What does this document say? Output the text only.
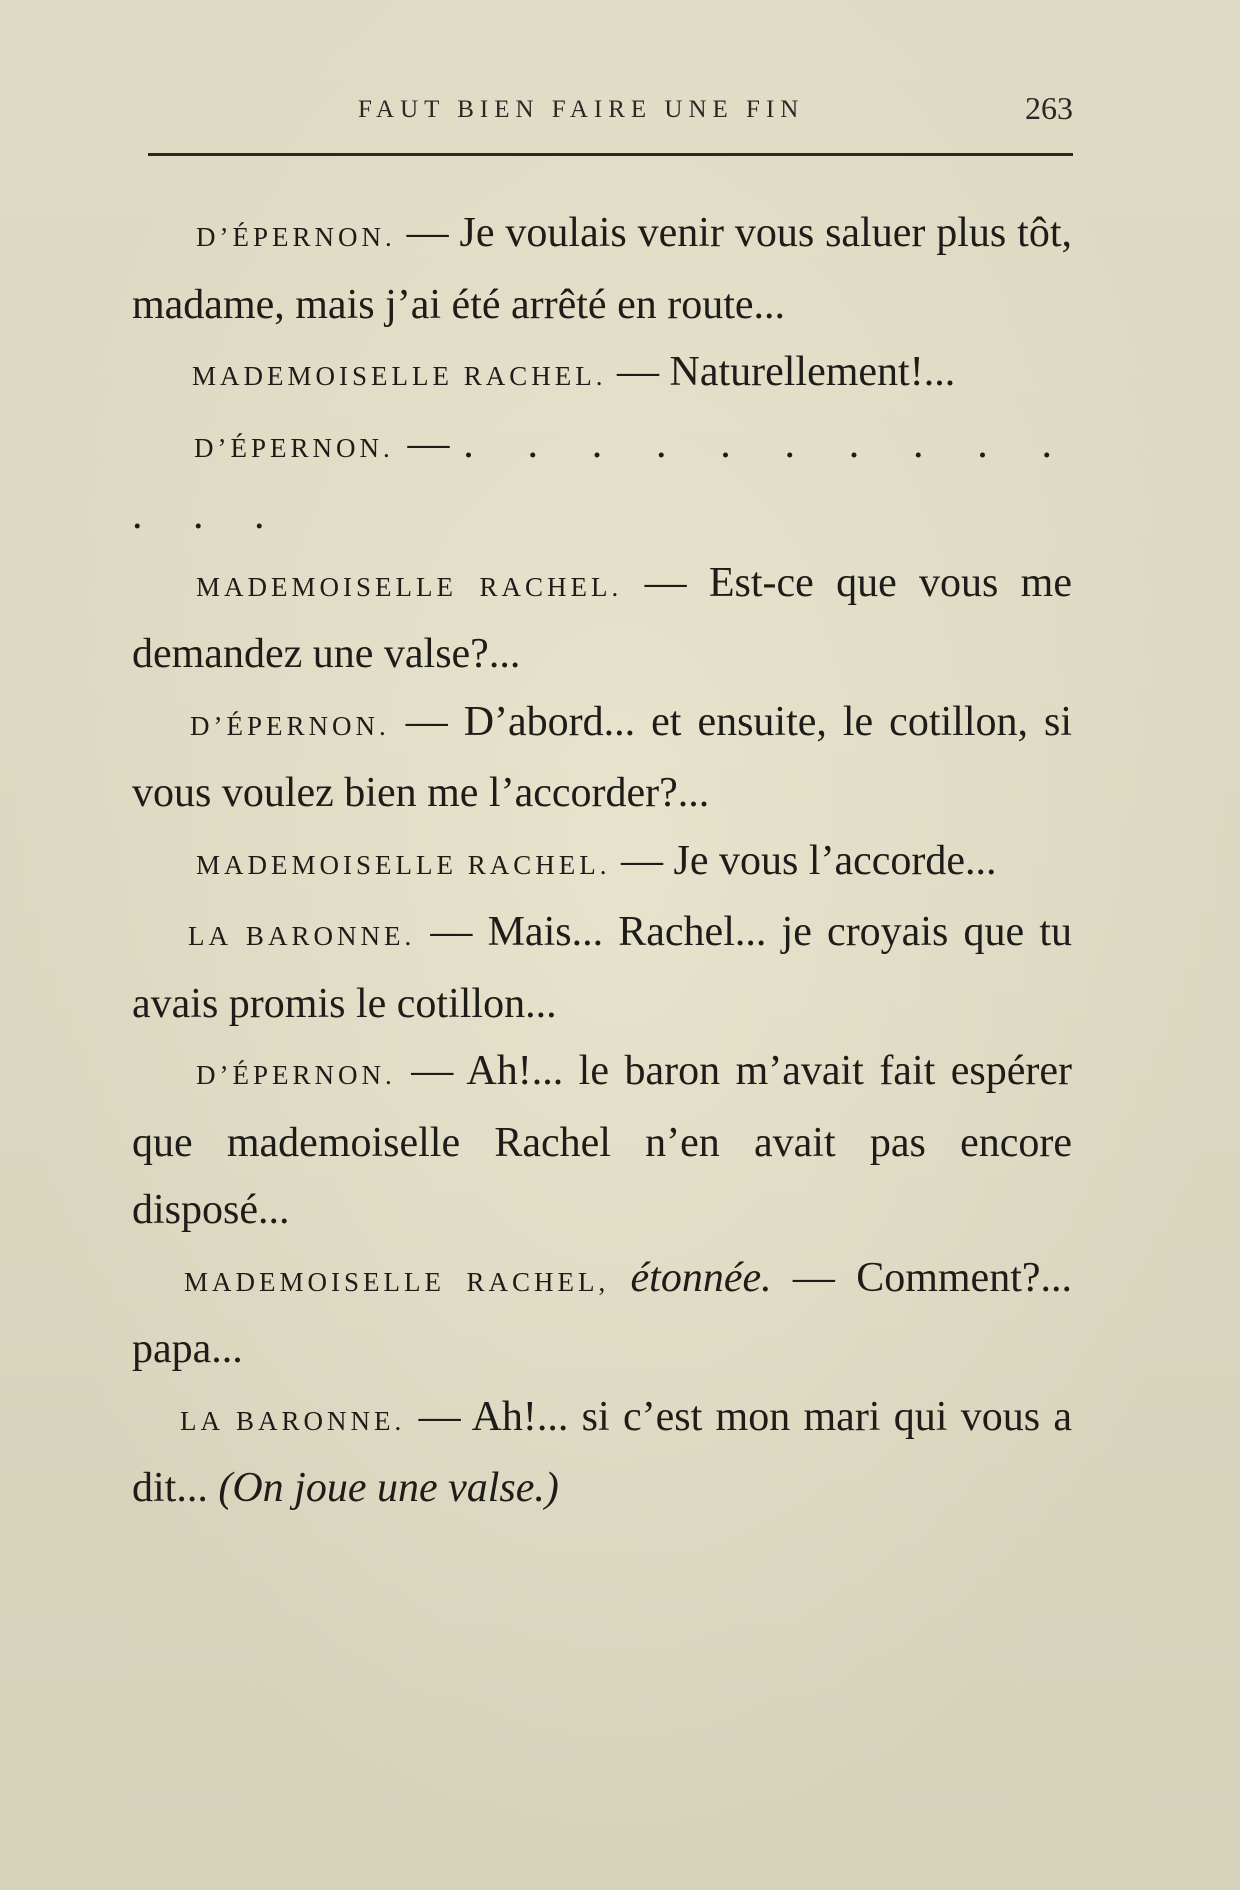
FAUT BIEN FAIRE UNE FIN	263

D’ÉPERNON. — Je voulais venir vous saluer plus tôt, madame, mais j’ai été arrêté en route...

MADEMOISELLE RACHEL. — Naturellement!...

D’ÉPERNON. — . . . . . . . . . . . . .

MADEMOISELLE RACHEL. — Est-ce que vous me demandez une valse?...

D’ÉPERNON. — D’abord... et ensuite, le cotillon, si vous voulez bien me l’accorder?...

MADEMOISELLE RACHEL. — Je vous l’accorde...

LA BARONNE. — Mais... Rachel... je croyais que tu avais promis le cotillon...

D’ÉPERNON. — Ah!... le baron m’avait fait espérer que mademoiselle Rachel n’en avait pas encore disposé...

MADEMOISELLE RACHEL, étonnée. — Comment?... papa...

LA BARONNE. — Ah!... si c’est mon mari qui vous a dit... (On joue une valse.)
